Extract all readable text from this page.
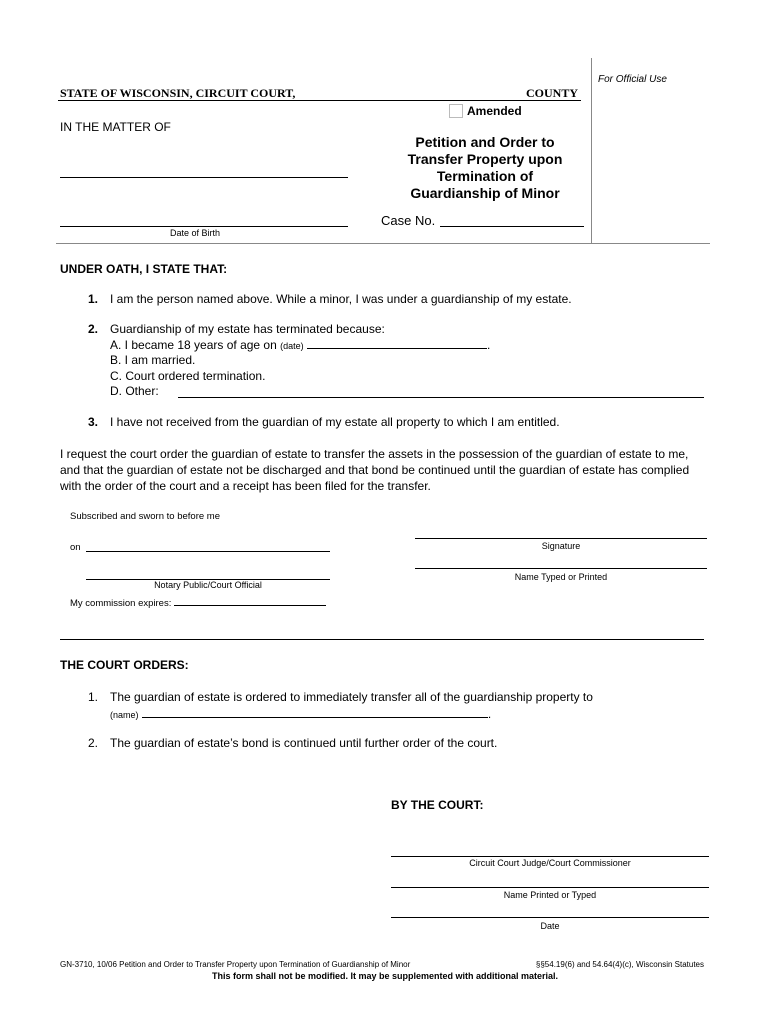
For Official Use
STATE OF WISCONSIN, CIRCUIT COURT,	COUNTY
Amended
IN THE MATTER OF
Date of Birth
Petition and Order to
Transfer Property upon
Termination of
Guardianship of Minor
Case No.
UNDER OATH, I STATE THAT:
1. I am the person named above. While a minor, I was under a guardianship of my estate.
2. Guardianship of my estate has terminated because:
A. I became 18 years of age on (date)	.
B. I am married.
C. Court ordered termination.
D. Other:
3. I have not received from the guardian of my estate all property to which I am entitled.
I request the court order the guardian of estate to transfer the assets in the possession of the guardian of estate to me, and that the guardian of estate not be discharged and that bond be continued until the guardian of estate has complied with the order of the court and a receipt has been filed for the transfer.
Subscribed and sworn to before me
on
Notary Public/Court Official
My commission expires:
Signature
Name Typed or Printed
THE COURT ORDERS:
1. The guardian of estate is ordered to immediately transfer all of the guardianship property to
(name)	.
2. The guardian of estate’s bond is continued until further order of the court.
BY THE COURT:
Circuit Court Judge/Court Commissioner
Name Printed or Typed
Date
GN-3710, 10/06 Petition and Order to Transfer Property upon Termination of Guardianship of Minor	§§54.19(6) and 54.64(4)(c), Wisconsin Statutes
This form shall not be modified. It may be supplemented with additional material.
